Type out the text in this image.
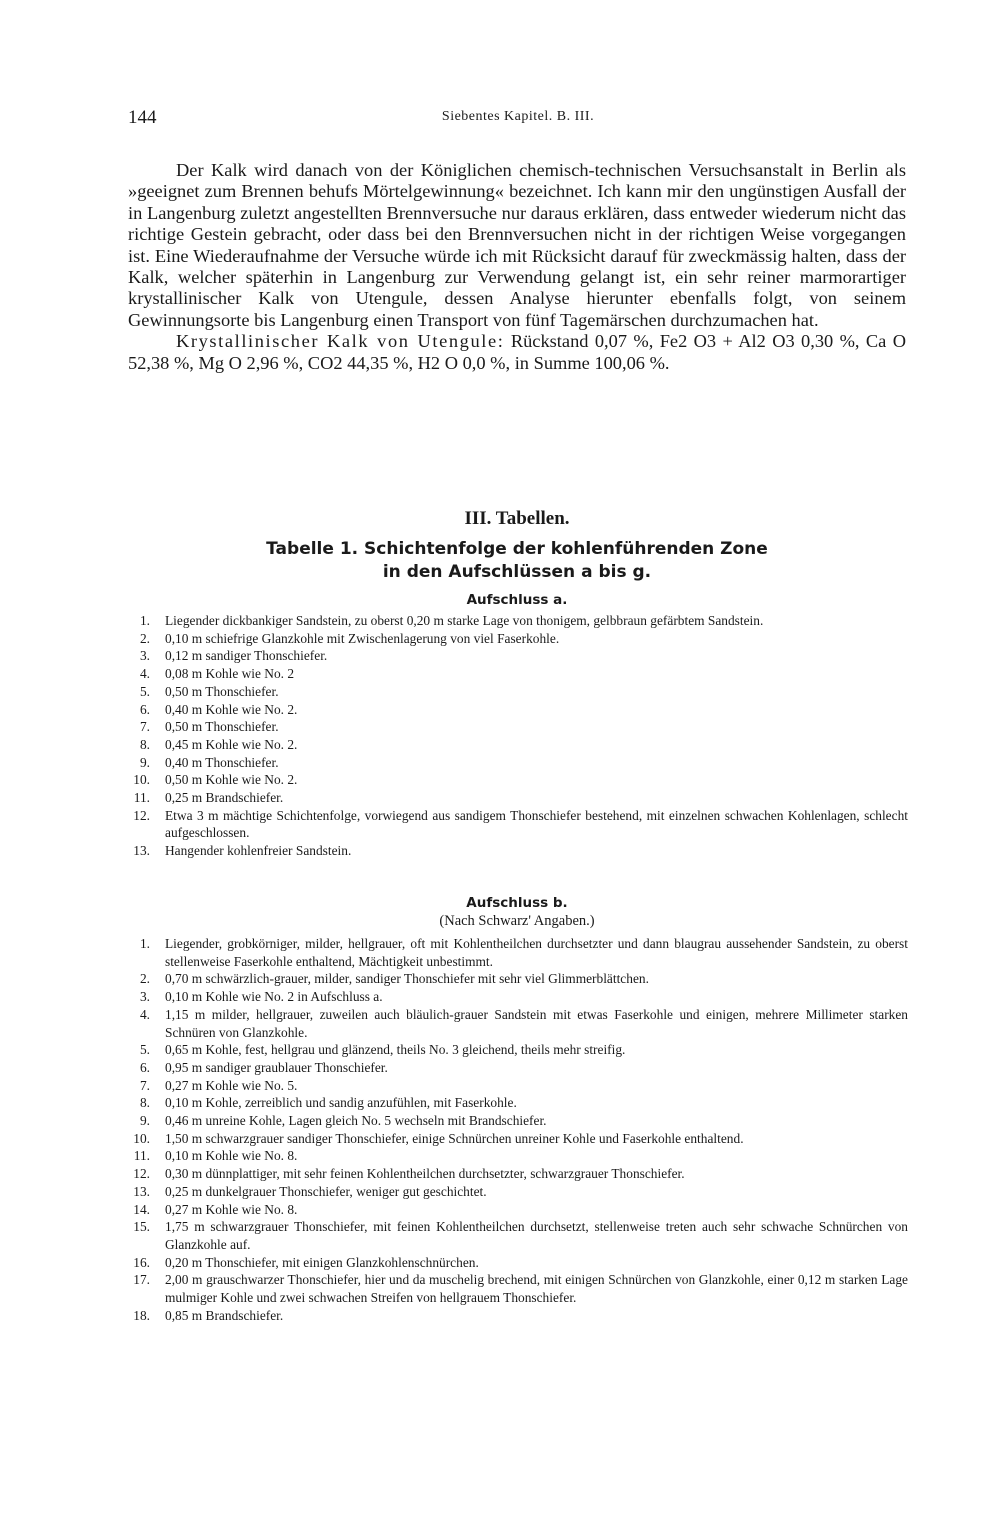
144	Siebentes Kapitel. B. III.

Der Kalk wird danach von der Königlichen chemisch-technischen Versuchsanstalt in Berlin als »geeignet zum Brennen behufs Mörtelgewinnung« bezeichnet. Ich kann mir den ungünstigen Ausfall der in Langenburg zuletzt angestellten Brennversuche nur daraus erklären, dass entweder wiederum nicht das richtige Gestein gebracht, oder dass bei den Brennversuchen nicht in der richtigen Weise vorgegangen ist. Eine Wiederaufnahme der Versuche würde ich mit Rücksicht darauf für zweckmässig halten, dass der Kalk, welcher späterhin in Langenburg zur Verwendung gelangt ist, ein sehr reiner marmorartiger krystallinischer Kalk von Utengule, dessen Analyse hierunter ebenfalls folgt, von seinem Gewinnungsorte bis Langenburg einen Transport von fünf Tagemärschen durchzumachen hat.

Krystallinischer Kalk von Utengule: Rückstand 0,07 %, Fe2 O3 + Al2 O3 0,30 %, Ca O 52,38 %, Mg O 2,96 %, CO2 44,35 %, H2 O 0,0 %, in Summe 100,06 %.

III. Tabellen.
Tabelle 1. Schichtenfolge der kohlenführenden Zone
in den Aufschlüssen a bis g.
Aufschluss a.
1. Liegender dickbankiger Sandstein, zu oberst 0,20 m starke Lage von thonigem, gelbbraun gefärbtem Sandstein.
2. 0,10 m schiefrige Glanzkohle mit Zwischenlagerung von viel Faserkohle.
3. 0,12 m sandiger Thonschiefer.
4. 0,08 m Kohle wie No. 2
5. 0,50 m Thonschiefer.
6. 0,40 m Kohle wie No. 2.
7. 0,50 m Thonschiefer.
8. 0,45 m Kohle wie No. 2.
9. 0,40 m Thonschiefer.
10. 0,50 m Kohle wie No. 2.
11. 0,25 m Brandschiefer.
12. Etwa 3 m mächtige Schichtenfolge, vorwiegend aus sandigem Thonschiefer bestehend, mit einzelnen schwachen Kohlenlagen, schlecht aufgeschlossen.
13. Hangender kohlenfreier Sandstein.
Aufschluss b.
(Nach Schwarz' Angaben.)
1. Liegender, grobkörniger, milder, hellgrauer, oft mit Kohlentheilchen durchsetzter und dann blaugrau aussehender Sandstein, zu oberst stellenweise Faserkohle enthaltend, Mächtigkeit unbestimmt.
2. 0,70 m schwärzlich-grauer, milder, sandiger Thonschiefer mit sehr viel Glimmerblättchen.
3. 0,10 m Kohle wie No. 2 in Aufschluss a.
4. 1,15 m milder, hellgrauer, zuweilen auch bläulich-grauer Sandstein mit etwas Faserkohle und einigen, mehrere Millimeter starken Schnüren von Glanzkohle.
5. 0,65 m Kohle, fest, hellgrau und glänzend, theils No. 3 gleichend, theils mehr streifig.
6. 0,95 m sandiger graublauer Thonschiefer.
7. 0,27 m Kohle wie No. 5.
8. 0,10 m Kohle, zerreiblich und sandig anzufühlen, mit Faserkohle.
9. 0,46 m unreine Kohle, Lagen gleich No. 5 wechseln mit Brandschiefer.
10. 1,50 m schwarzgrauer sandiger Thonschiefer, einige Schnürchen unreiner Kohle und Faserkohle enthaltend.
11. 0,10 m Kohle wie No. 8.
12. 0,30 m dünnplattiger, mit sehr feinen Kohlentheilchen durchsetzter, schwarzgrauer Thonschiefer.
13. 0,25 m dunkelgrauer Thonschiefer, weniger gut geschichtet.
14. 0,27 m Kohle wie No. 8.
15. 1,75 m schwarzgrauer Thonschiefer, mit feinen Kohlentheilchen durchsetzt, stellenweise treten auch sehr schwache Schnürchen von Glanzkohle auf.
16. 0,20 m Thonschiefer, mit einigen Glanzkohlenschnürchen.
17. 2,00 m grauschwarzer Thonschiefer, hier und da muschelig brechend, mit einigen Schnürchen von Glanzkohle, einer 0,12 m starken Lage mulmiger Kohle und zwei schwachen Streifen von hellgrauem Thonschiefer.
18. 0,85 m Brandschiefer.
